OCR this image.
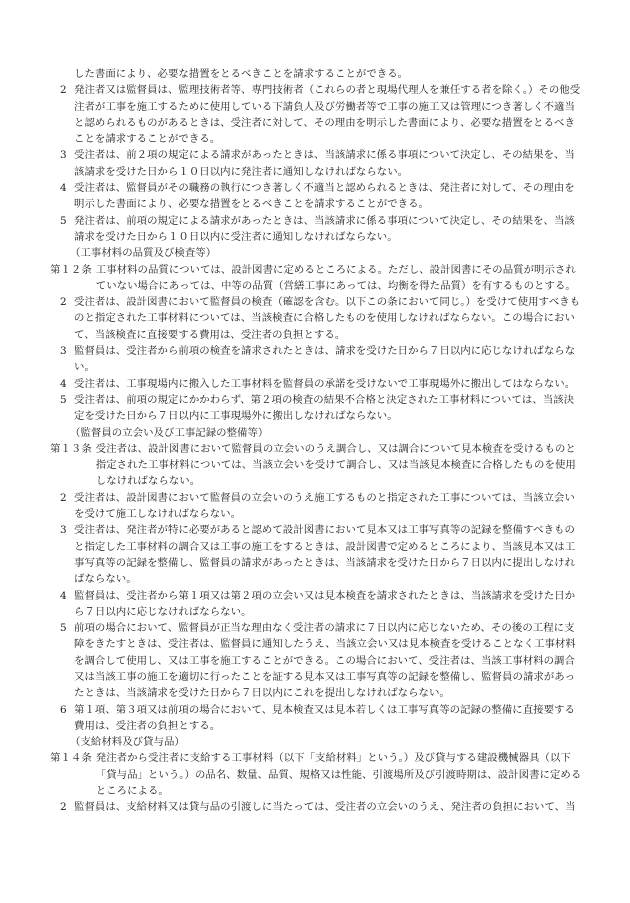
した書面により、必要な措置をとるべきことを請求することができる。

2 発注者又は監督員は、監理技術者等、専門技術者（これらの者と現場代理人を兼任する者を除く。）その他受注者が工事を施工するために使用している下請負人及び労働者等で工事の施工又は管理につき著しく不適当と認められるものがあるときは、受注者に対して、その理由を明示した書面により、必要な措置をとるべきことを請求することができる。
3 受注者は、前２項の規定による請求があったときは、当該請求に係る事項について決定し、その結果を、当該請求を受けた日から１０日以内に発注者に通知しなければならない。
4 受注者は、監督員がその職務の執行につき著しく不適当と認められるときは、発注者に対して、その理由を明示した書面により、必要な措置をとるべきことを請求することができる。
5 発注者は、前項の規定による請求があったときは、当該請求に係る事項について決定し、その結果を、当該請求を受けた日から１０日以内に受注者に通知しなければならない。

（工事材料の品質及び検査等）

第１２条 工事材料の品質については、設計図書に定めるところによる。ただし、設計図書にその品質が明示されていない場合にあっては、中等の品質（営繕工事にあっては、均衡を得た品質）を有するものとする。
2 受注者は、設計図書において監督員の検査（確認を含む。以下この条において同じ。）を受けて使用すべきものと指定された工事材料については、当該検査に合格したものを使用しなければならない。この場合において、当該検査に直接要する費用は、受注者の負担とする。
3 監督員は、受注者から前項の検査を請求されたときは、請求を受けた日から７日以内に応じなければならない。
4 受注者は、工事現場内に搬入した工事材料を監督員の承諾を受けないで工事現場外に搬出してはならない。
5 受注者は、前項の規定にかかわらず、第２項の検査の結果不合格と決定された工事材料については、当該決定を受けた日から７日以内に工事現場外に搬出しなければならない。

（監督員の立会い及び工事記録の整備等）

第１３条 受注者は、設計図書において監督員の立会いのうえ調合し、又は調合について見本検査を受けるものと指定された工事材料については、当該立会いを受けて調合し、又は当該見本検査に合格したものを使用しなければならない。
2 受注者は、設計図書において監督員の立会いのうえ施工するものと指定された工事については、当該立会いを受けて施工しなければならない。
3 受注者は、発注者が特に必要があると認めて設計図書において見本又は工事写真等の記録を整備すべきものと指定した工事材料の調合又は工事の施工をするときは、設計図書で定めるところにより、当該見本又は工事写真等の記録を整備し、監督員の請求があったときは、当該請求を受けた日から７日以内に提出しなければならない。
4 監督員は、受注者から第１項又は第２項の立会い又は見本検査を請求されたときは、当該請求を受けた日から７日以内に応じなければならない。
5 前項の場合において、監督員が正当な理由なく受注者の請求に７日以内に応じないため、その後の工程に支障をきたすときは、受注者は、監督員に通知したうえ、当該立会い又は見本検査を受けることなく工事材料を調合して使用し、又は工事を施工することができる。この場合において、受注者は、当該工事材料の調合又は当該工事の施工を適切に行ったことを証する見本又は工事写真等の記録を整備し、監督員の請求があったときは、当該請求を受けた日から７日以内にこれを提出しなければならない。
6 第１項、第３項又は前項の場合において、見本検査又は見本若しくは工事写真等の記録の整備に直接要する費用は、受注者の負担とする。

（支給材料及び貸与品）

第１４条 発注者から受注者に支給する工事材料（以下「支給材料」という。）及び貸与する建設機械器具（以下「貸与品」という。）の品名、数量、品質、規格又は性能、引渡場所及び引渡時期は、設計図書に定めるところによる。
2 監督員は、支給材料又は貸与品の引渡しに当たっては、受注者の立会いのうえ、発注者の負担において、当
